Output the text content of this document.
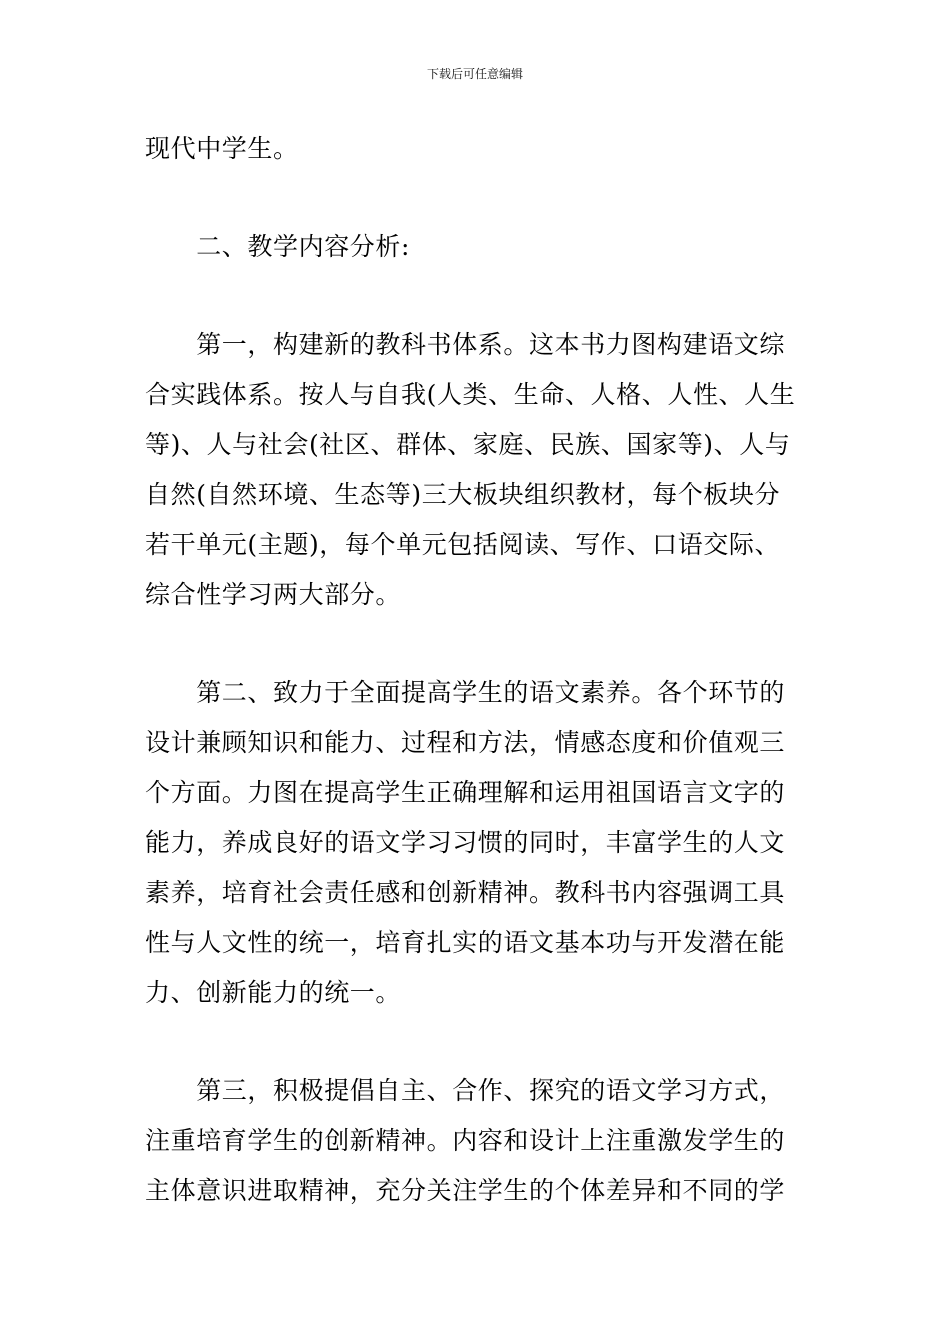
下载后可任意编辑

现代中学生。

　　二、教学内容分析:

　　第一，构建新的教科书体系。这本书力图构建语文综
合实践体系。按人与自我(人类、生命、人格、人性、人生
等)、人与社会(社区、群体、家庭、民族、国家等)、人与
自然(自然环境、生态等)三大板块组织教材，每个板块分
若干单元(主题)，每个单元包括阅读、写作、口语交际、
综合性学习两大部分。

　　第二、致力于全面提高学生的语文素养。各个环节的
设计兼顾知识和能力、过程和方法，情感态度和价值观三
个方面。力图在提高学生正确理解和运用祖国语言文字的
能力，养成良好的语文学习习惯的同时，丰富学生的人文
素养，培育社会责任感和创新精神。教科书内容强调工具
性与人文性的统一，培育扎实的语文基本功与开发潜在能
力、创新能力的统一。

　　第三，积极提倡自主、合作、探究的语文学习方式，
注重培育学生的创新精神。内容和设计上注重激发学生的
主体意识进取精神，充分关注学生的个体差异和不同的学
